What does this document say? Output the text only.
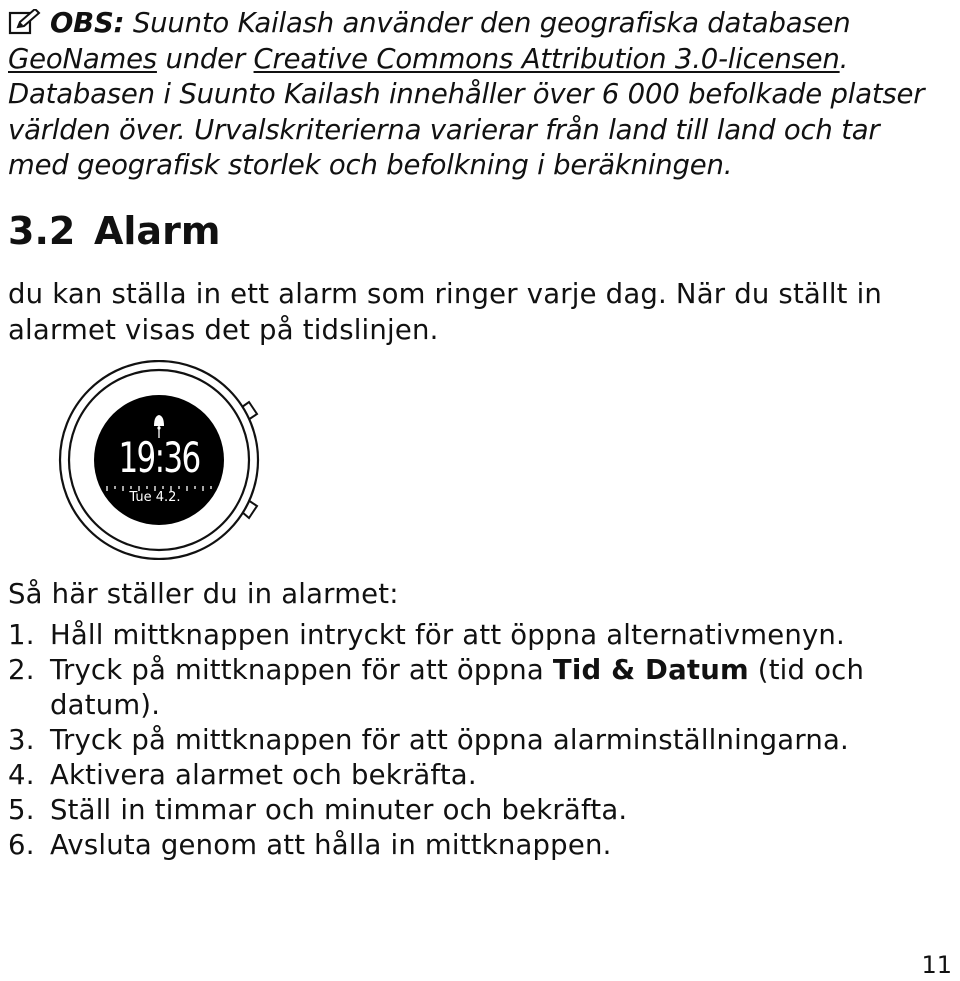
OBS: Suunto Kailash använder den geografiska databasen GeoNames under Creative Commons Attribution 3.0-licensen. Databasen i Suunto Kailash innehåller över 6 000 befolkade platser världen över. Urvalskriterierna varierar från land till land och tar med geografisk storlek och befolkning i beräkningen.
3.2 Alarm
du kan ställa in ett alarm som ringer varje dag. När du ställt in alarmet visas det på tidslinjen.
19:36
Tue 4.2.
Så här ställer du in alarmet:
1. Håll mittknappen intryckt för att öppna alternativmenyn.
2. Tryck på mittknappen för att öppna Tid & Datum (tid och datum).
3. Tryck på mittknappen för att öppna alarminställningarna.
4. Aktivera alarmet och bekräfta.
5. Ställ in timmar och minuter och bekräfta.
6. Avsluta genom att hålla in mittknappen.
11
